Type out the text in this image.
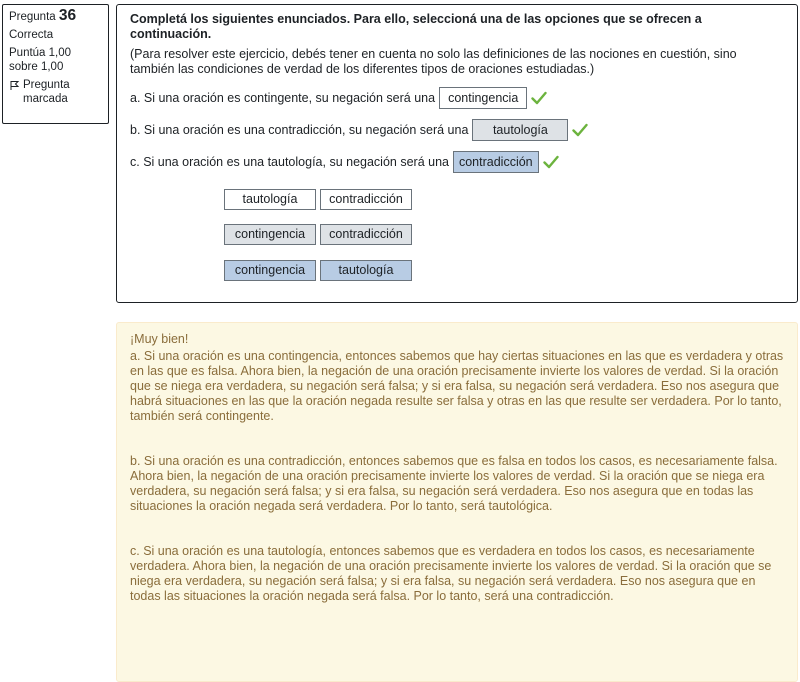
Pregunta 36
Correcta
Puntúa 1,00 sobre 1,00
Pregunta marcada
Completá los siguientes enunciados. Para ello, seleccioná una de las opciones que se ofrecen a continuación.
(Para resolver este ejercicio, debés tener en cuenta no solo las definiciones de las nociones en cuestión, sino también las condiciones de verdad de los diferentes tipos de oraciones estudiadas.)
a. Si una oración es contingente, su negación será una	contingencia
b. Si una oración es una contradicción, su negación será una	tautología
c. Si una oración es una tautología, su negación será una contradicción
tautología	contradicción
contingencia	contradicción
contingencia	tautología

¡Muy bien!

a. Si una oración es una contingencia, entonces sabemos que hay ciertas situaciones en las que es verdadera y otras en las que es falsa. Ahora bien, la negación de una oración precisamente invierte los valores de verdad. Si la oración que se niega era verdadera, su negación será falsa; y si era falsa, su negación será verdadera. Eso nos asegura que habrá situaciones en las que la oración negada resulte ser falsa y otras en las que resulte ser verdadera. Por lo tanto, también será contingente.

b. Si una oración es una contradicción, entonces sabemos que es falsa en todos los casos, es necesariamente falsa. Ahora bien, la negación de una oración precisamente invierte los valores de verdad. Si la oración que se niega era verdadera, su negación será falsa; y si era falsa, su negación será verdadera. Eso nos asegura que en todas las situaciones la oración negada será verdadera. Por lo tanto, será tautológica.

c. Si una oración es una tautología, entonces sabemos que es verdadera en todos los casos, es necesariamente verdadera. Ahora bien, la negación de una oración precisamente invierte los valores de verdad. Si la oración que se niega era verdadera, su negación será falsa; y si era falsa, su negación será verdadera. Eso nos asegura que en todas las situaciones la oración negada será falsa. Por lo tanto, será una contradicción.
